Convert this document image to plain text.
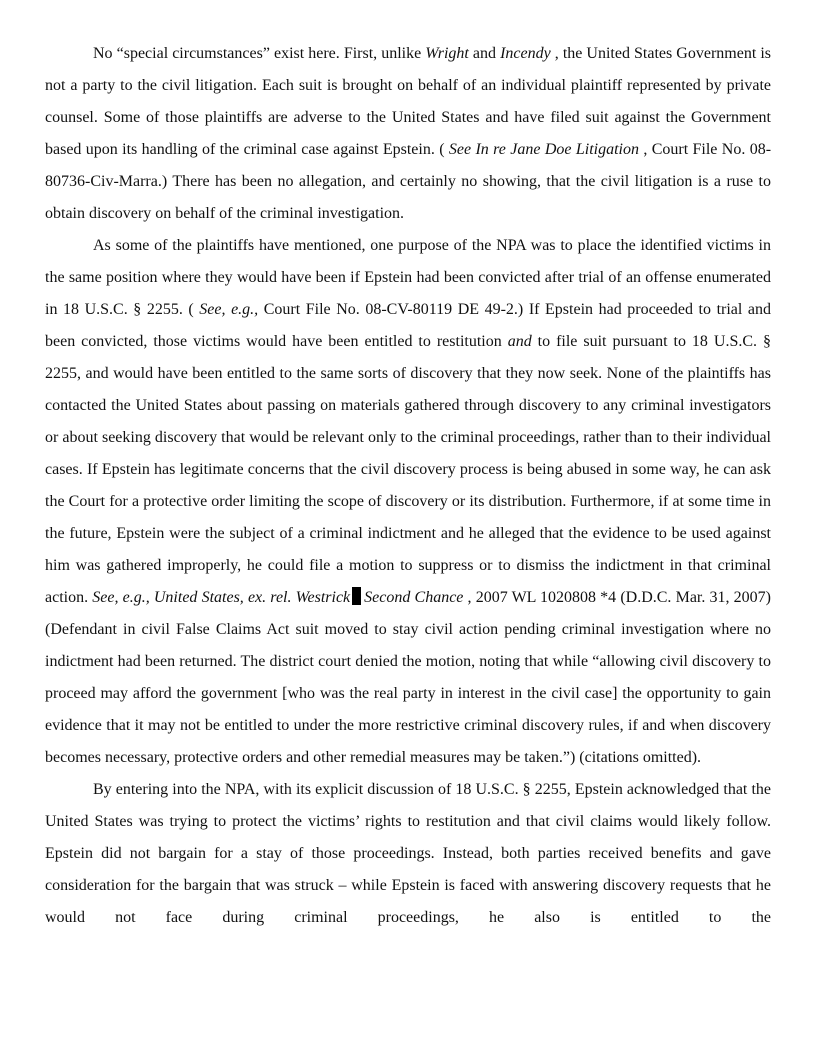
No “special circumstances” exist here. First, unlike Wright and Incendy , the United States Government is not a party to the civil litigation. Each suit is brought on behalf of an individual plaintiff represented by private counsel. Some of those plaintiffs are adverse to the United States and have filed suit against the Government based upon its handling of the criminal case against Epstein. ( See In re Jane Doe Litigation , Court File No. 08-80736-Civ-Marra.) There has been no allegation, and certainly no showing, that the civil litigation is a ruse to obtain discovery on behalf of the criminal investigation.

As some of the plaintiffs have mentioned, one purpose of the NPA was to place the identified victims in the same position where they would have been if Epstein had been convicted after trial of an offense enumerated in 18 U.S.C. § 2255. ( See, e.g., Court File No. 08-CV-80119 DE 49-2.) If Epstein had proceeded to trial and been convicted, those victims would have been entitled to restitution and to file suit pursuant to 18 U.S.C. § 2255, and would have been entitled to the same sorts of discovery that they now seek. None of the plaintiffs has contacted the United States about passing on materials gathered through discovery to any criminal investigators or about seeking discovery that would be relevant only to the criminal proceedings, rather than to their individual cases. If Epstein has legitimate concerns that the civil discovery process is being abused in some way, he can ask the Court for a protective order limiting the scope of discovery or its distribution. Furthermore, if at some time in the future, Epstein were the subject of a criminal indictment and he alleged that the evidence to be used against him was gathered improperly, he could file a motion to suppress or to dismiss the indictment in that criminal action. See, e.g., United States, ex. rel. Westrick Second Chance , 2007 WL 1020808 *4 (D.D.C. Mar. 31, 2007) (Defendant in civil False Claims Act suit moved to stay civil action pending criminal investigation where no indictment had been returned. The district court denied the motion, noting that while “allowing civil discovery to proceed may afford the government [who was the real party in interest in the civil case] the opportunity to gain evidence that it may not be entitled to under the more restrictive criminal discovery rules, if and when discovery becomes necessary, protective orders and other remedial measures may be taken.”) (citations omitted).

By entering into the NPA, with its explicit discussion of 18 U.S.C. § 2255, Epstein acknowledged that the United States was trying to protect the victims’ rights to restitution and that civil claims would likely follow. Epstein did not bargain for a stay of those proceedings. Instead, both parties received benefits and gave consideration for the bargain that was struck – while Epstein is faced with answering discovery requests that he would not face during criminal proceedings, he also is entitled to the
